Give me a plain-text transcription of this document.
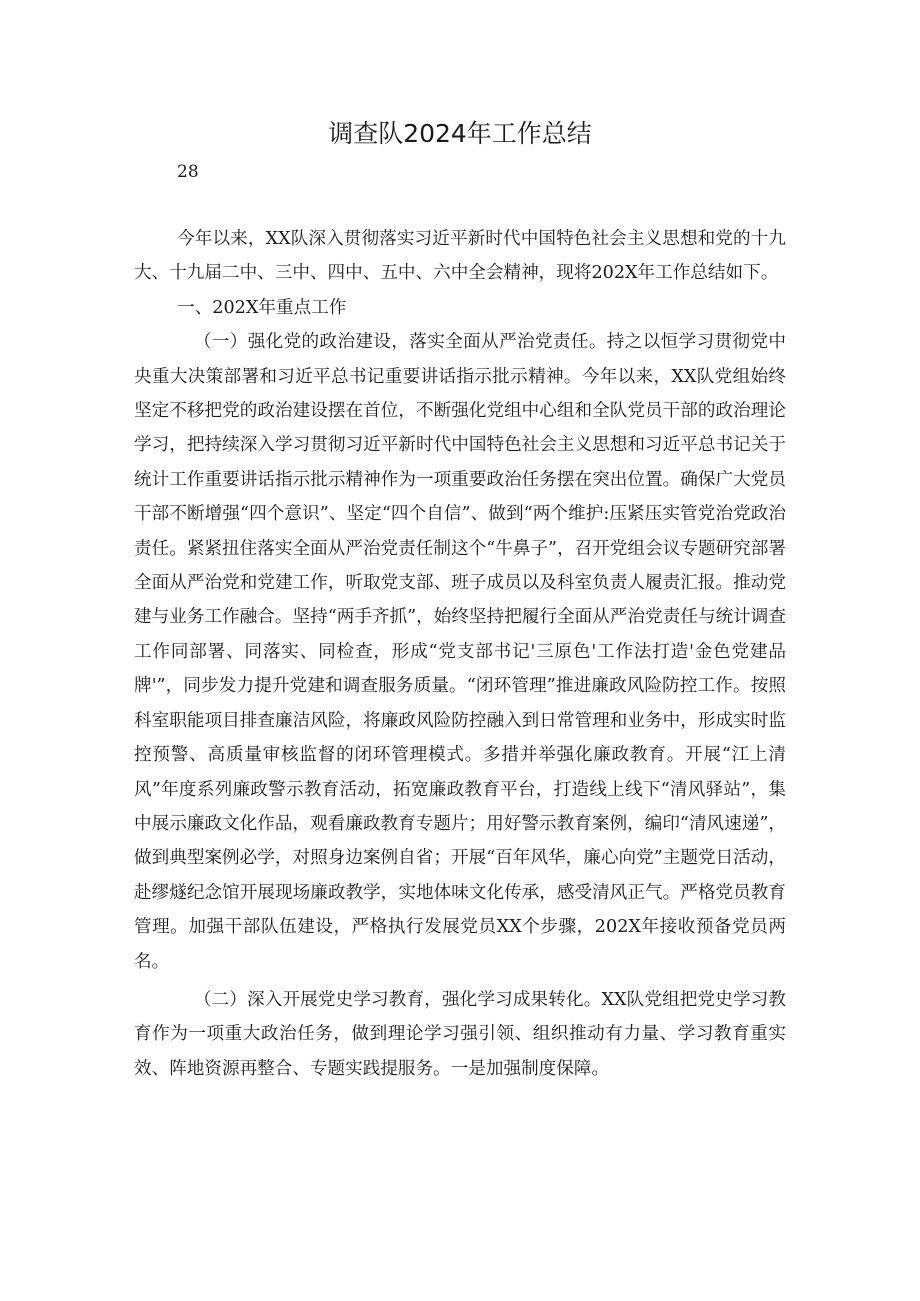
调查队2024年工作总结
28

今年以来，XX队深入贯彻落实习近平新时代中国特色社会主义思想和党的十九大、十九届二中、三中、四中、五中、六中全会精神，现将202X年工作总结如下。

一、202X年重点工作

（一）强化党的政治建设，落实全面从严治党责任。持之以恒学习贯彻党中央重大决策部署和习近平总书记重要讲话指示批示精神。今年以来，XX队党组始终坚定不移把党的政治建设摆在首位，不断强化党组中心组和全队党员干部的政治理论学习，把持续深入学习贯彻习近平新时代中国特色社会主义思想和习近平总书记关于统计工作重要讲话指示批示精神作为一项重要政治任务摆在突出位置。确保广大党员干部不断增强“四个意识”、坚定“四个自信”、做到“两个维护:压紧压实管党治党政治责任。紧紧扭住落实全面从严治党责任制这个“牛鼻子”，召开党组会议专题研究部署全面从严治党和党建工作，听取党支部、班子成员以及科室负责人履责汇报。推动党建与业务工作融合。坚持“两手齐抓”，始终坚持把履行全面从严治党责任与统计调查工作同部署、同落实、同检查，形成“党支部书记'三原色'工作法打造'金色党建品牌'”，同步发力提升党建和调查服务质量。“闭环管理”推进廉政风险防控工作。按照科室职能项目排查廉洁风险，将廉政风险防控融入到日常管理和业务中，形成实时监控预警、高质量审核监督的闭环管理模式。多措并举强化廉政教育。开展“江上清风”年度系列廉政警示教育活动，拓宽廉政教育平台，打造线上线下“清风驿站”，集中展示廉政文化作品，观看廉政教育专题片；用好警示教育案例，编印“清风速递”，做到典型案例必学，对照身边案例自省；开展“百年风华，廉心向党”主题党日活动，赴缪燧纪念馆开展现场廉政教学，实地体味文化传承，感受清风正气。严格党员教育管理。加强干部队伍建设，严格执行发展党员XX个步骤，202X年接收预备党员两名。

（二）深入开展党史学习教育，强化学习成果转化。XX队党组把党史学习教育作为一项重大政治任务，做到理论学习强引领、组织推动有力量、学习教育重实效、阵地资源再整合、专题实践提服务。一是加强制度保障。
